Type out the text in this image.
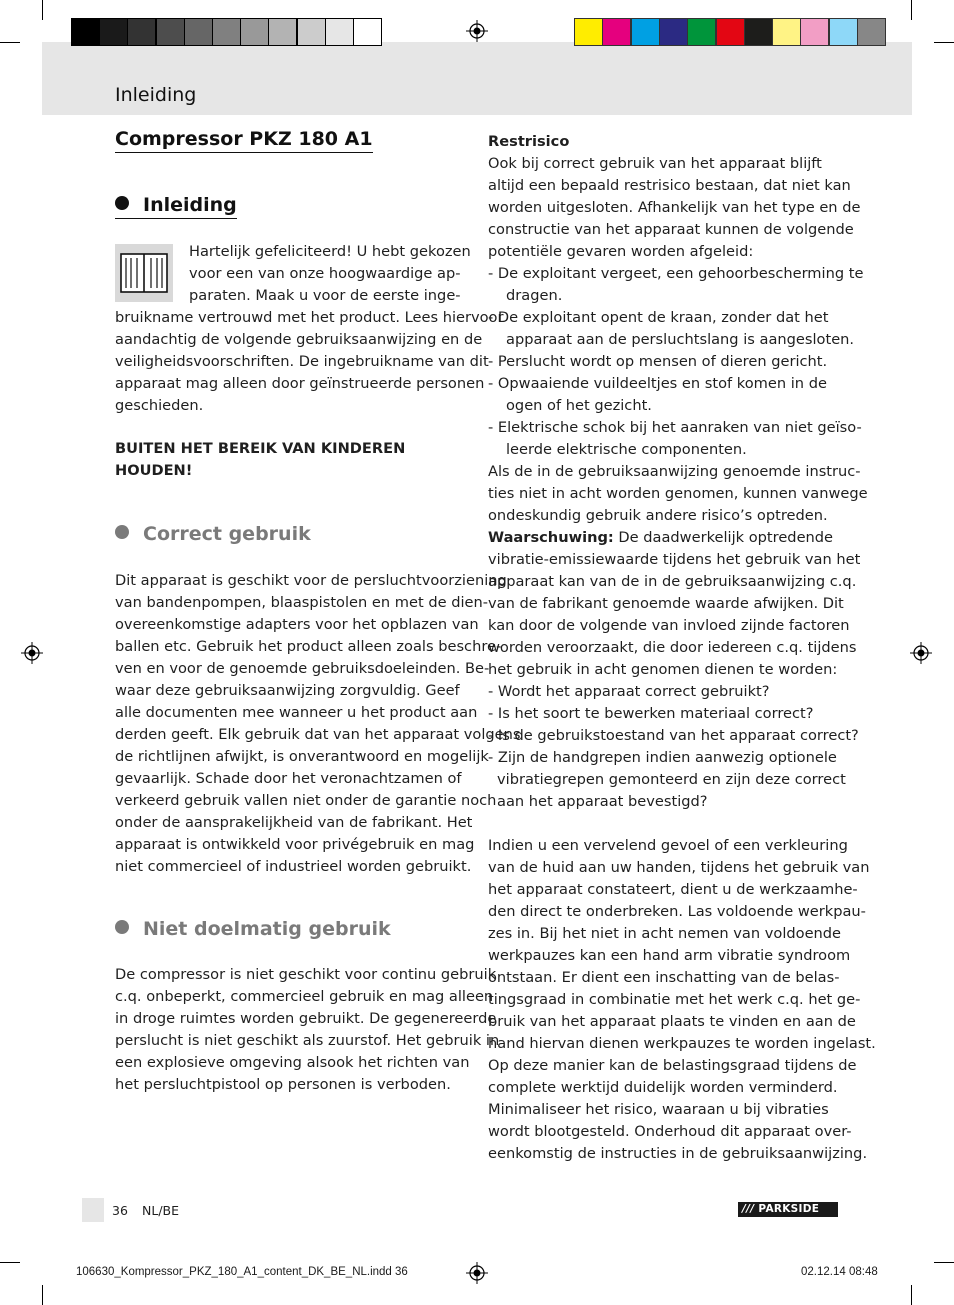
Inleiding
Compressor PKZ 180 A1
Inleiding
Hartelijk gefeliciteerd! U hebt gekozen
voor een van onze hoogwaardige ap-
paraten. Maak u voor de eerste inge-
bruikname vertrouwd met het product. Lees hiervoor
aandachtig de volgende gebruiksaanwijzing en de
veiligheidsvoorschriften. De ingebruikname van dit
apparaat mag alleen door geïnstrueerde personen
geschieden.
BUITEN HET BEREIK VAN KINDEREN
HOUDEN!
Correct gebruik
Dit apparaat is geschikt voor de persluchtvoorziening
van bandenpompen, blaaspistolen en met de dien-
overeenkomstige adapters voor het opblazen van
ballen etc. Gebruik het product alleen zoals beschre-
ven en voor de genoemde gebruiksdoeleinden. Be-
waar deze gebruiksaanwijzing zorgvuldig. Geef
alle documenten mee wanneer u het product aan
derden geeft. Elk gebruik dat van het apparaat volgens
de richtlijnen afwijkt, is onverantwoord en mogelijk
gevaarlijk. Schade door het veronachtzamen of
verkeerd gebruik vallen niet onder de garantie noch
onder de aansprakelijkheid van de fabrikant. Het
apparaat is ontwikkeld voor privégebruik en mag
niet commercieel of industrieel worden gebruikt.
Niet doelmatig gebruik
De compressor is niet geschikt voor continu gebruik
c.q. onbeperkt, commercieel gebruik en mag alleen
in droge ruimtes worden gebruikt. De gegenereerde
perslucht is niet geschikt als zuurstof. Het gebruik in
een explosieve omgeving alsook het richten van
het persluchtpistool op personen is verboden.
Restrisico
Ook bij correct gebruik van het apparaat blijft
altijd een bepaald restrisico bestaan, dat niet kan
worden uitgesloten. Afhankelijk van het type en de
constructie van het apparaat kunnen de volgende
potentiële gevaren worden afgeleid:
- De exploitant vergeet, een gehoorbescherming te
dragen.
- De exploitant opent de kraan, zonder dat het
apparaat aan de persluchtslang is aangesloten.
- Perslucht wordt op mensen of dieren gericht.
- Opwaaiende vuildeeltjes en stof komen in de
ogen of het gezicht.
- Elektrische schok bij het aanraken van niet geïso-
leerde elektrische componenten.
Als de in de gebruiksaanwijzing genoemde instruc-
ties niet in acht worden genomen, kunnen vanwege
ondeskundig gebruik andere risico’s optreden.
Waarschuwing: De daadwerkelijk optredende
vibratie-emissiewaarde tijdens het gebruik van het
apparaat kan van de in de gebruiksaanwijzing c.q.
van de fabrikant genoemde waarde afwijken. Dit
kan door de volgende van invloed zijnde factoren
worden veroorzaakt, die door iedereen c.q. tijdens
het gebruik in acht genomen dienen te worden:
- Wordt het apparaat correct gebruikt?
- Is het soort te bewerken materiaal correct?
- Is de gebruikstoestand van het apparaat correct?
- Zijn de handgrepen indien aanwezig optionele
vibratiegrepen gemonteerd en zijn deze correct
aan het apparaat bevestigd?
Indien u een vervelend gevoel of een verkleuring
van de huid aan uw handen, tijdens het gebruik van
het apparaat constateert, dient u de werkzaamhe-
den direct te onderbreken. Las voldoende werkpau-
zes in. Bij het niet in acht nemen van voldoende
werkpauzes kan een hand arm vibratie syndroom
ontstaan. Er dient een inschatting van de belas-
tingsgraad in combinatie met het werk c.q. het ge-
bruik van het apparaat plaats te vinden en aan de
hand hiervan dienen werkpauzes te worden ingelast.
Op deze manier kan de belastingsgraad tijdens de
complete werktijd duidelijk worden verminderd.
Minimaliseer het risico, waaraan u bij vibraties
wordt blootgesteld. Onderhoud dit apparaat over-
eenkomstig de instructies in de gebruiksaanwijzing.
36 NL/BE	/// PARKSIDE
106630_Kompressor_PKZ_180_A1_content_DK_BE_NL.indd 36	02.12.14 08:48
